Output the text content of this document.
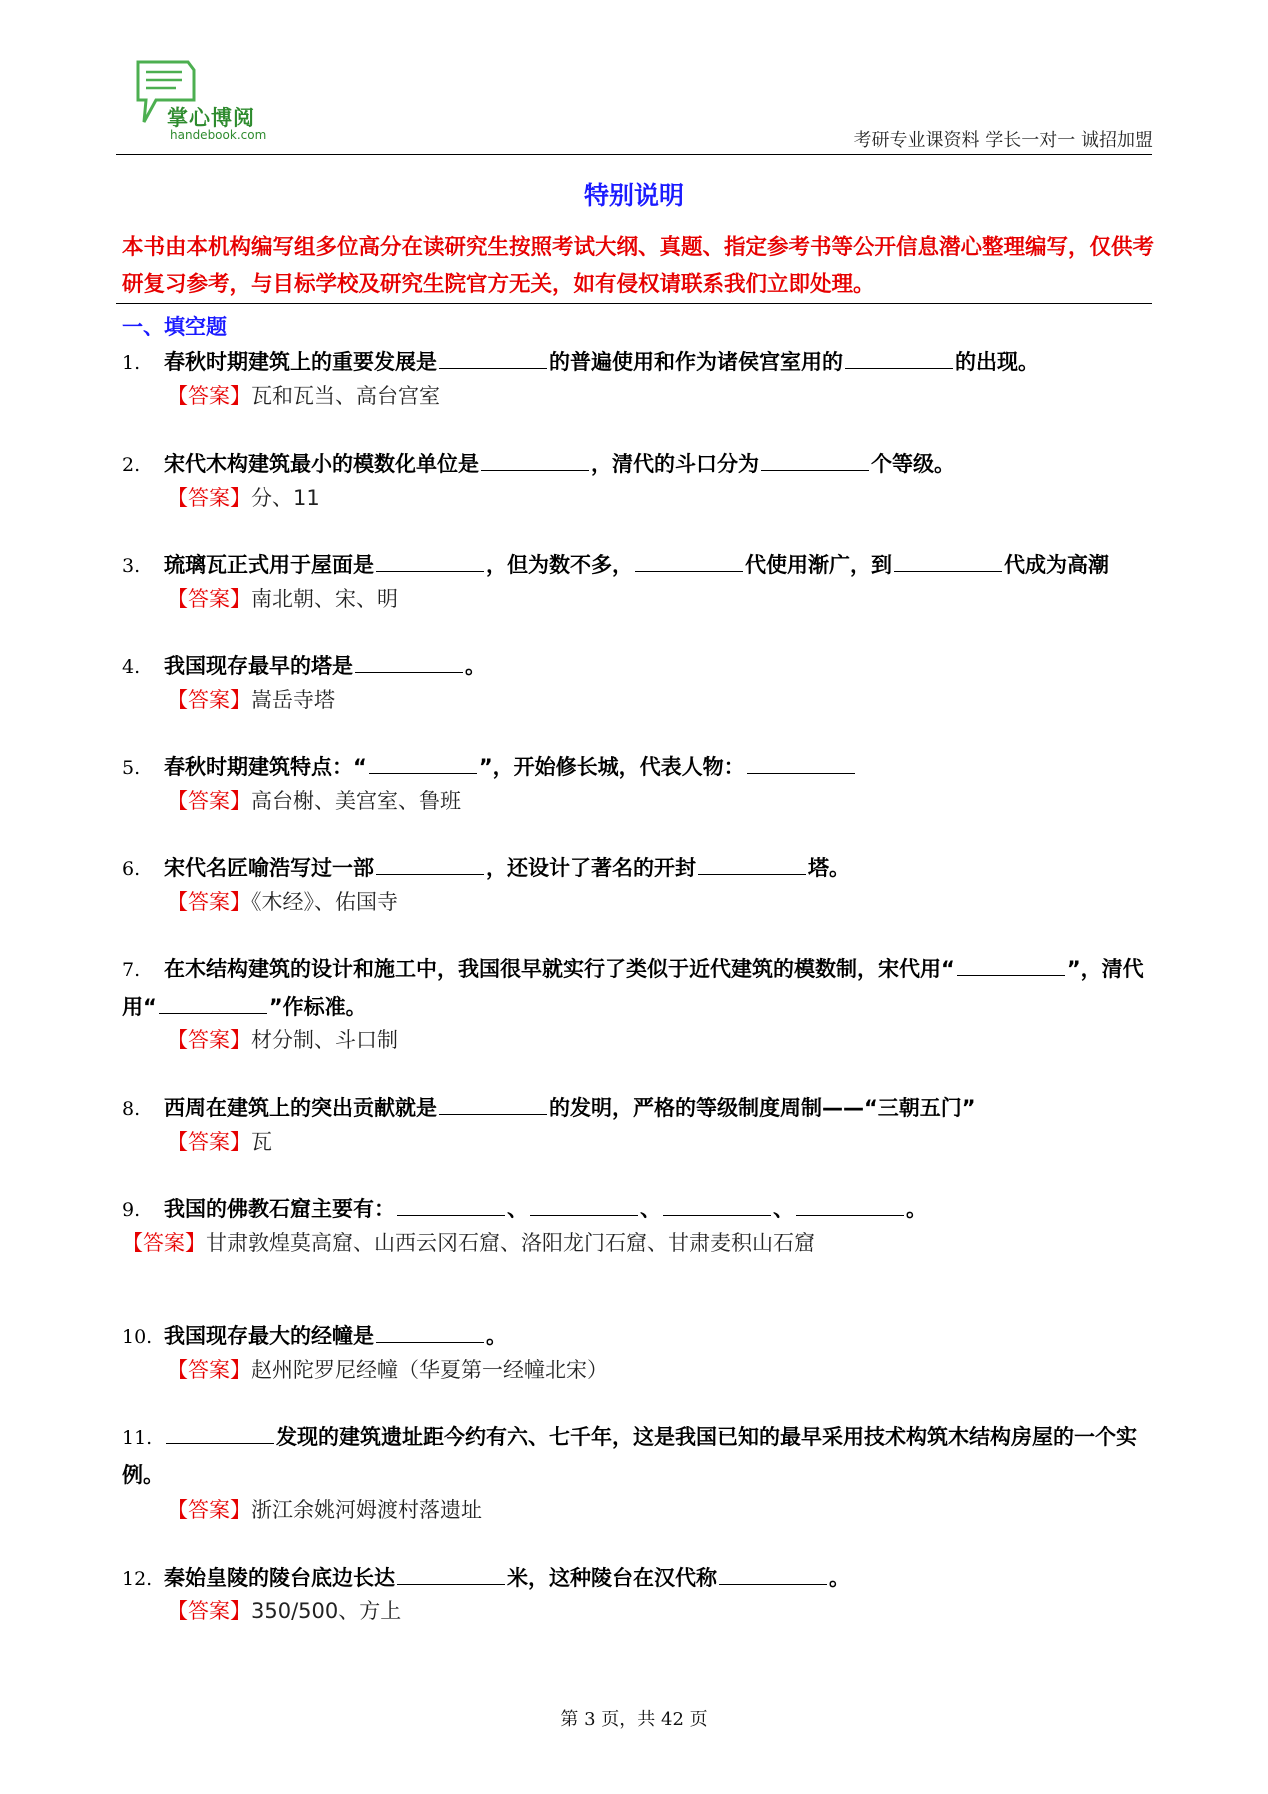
掌心博阅
handebook.com	考研专业课资料 学长一对一 诚招加盟
特别说明
本书由本机构编写组多位高分在读研究生按照考试大纲、真题、指定参考书等公开信息潜心整理编写，仅供考研复习参考，与目标学校及研究生院官方无关，如有侵权请联系我们立即处理。
一、填空题
1. 春秋时期建筑上的重要发展是	的普遍使用和作为诸侯宫室用的	的出现。
【答案】瓦和瓦当、高台宫室
2. 宋代木构建筑最小的模数化单位是	，清代的斗口分为	个等级。
【答案】分、11
3. 琉璃瓦正式用于屋面是	，但为数不多，	代使用渐广，到	代成为高潮
【答案】南北朝、宋、明
4. 我国现存最早的塔是	。
【答案】嵩岳寺塔
5. 春秋时期建筑特点：“	”，开始修长城，代表人物：
【答案】高台榭、美宫室、鲁班
6. 宋代名匠喻浩写过一部	，还设计了著名的开封	塔。
【答案】《木经》、佑国寺
7. 在木结构建筑的设计和施工中，我国很早就实行了类似于近代建筑的模数制，宋代用“	”，清代用“	”作标准。
【答案】材分制、斗口制
8. 西周在建筑上的突出贡献就是	的发明，严格的等级制度周制——“三朝五门”
【答案】瓦
9. 我国的佛教石窟主要有：	、	、	、	。
【答案】甘肃敦煌莫高窟、山西云冈石窟、洛阳龙门石窟、甘肃麦积山石窟
10. 我国现存最大的经幢是	。
【答案】赵州陀罗尼经幢（华夏第一经幢北宋）
11.	发现的建筑遗址距今约有六、七千年，这是我国已知的最早采用技术构筑木结构房屋的一个实例。
【答案】浙江余姚河姆渡村落遗址
12. 秦始皇陵的陵台底边长达	米，这种陵台在汉代称	。
【答案】350/500、方上
第 3 页，共 42 页
